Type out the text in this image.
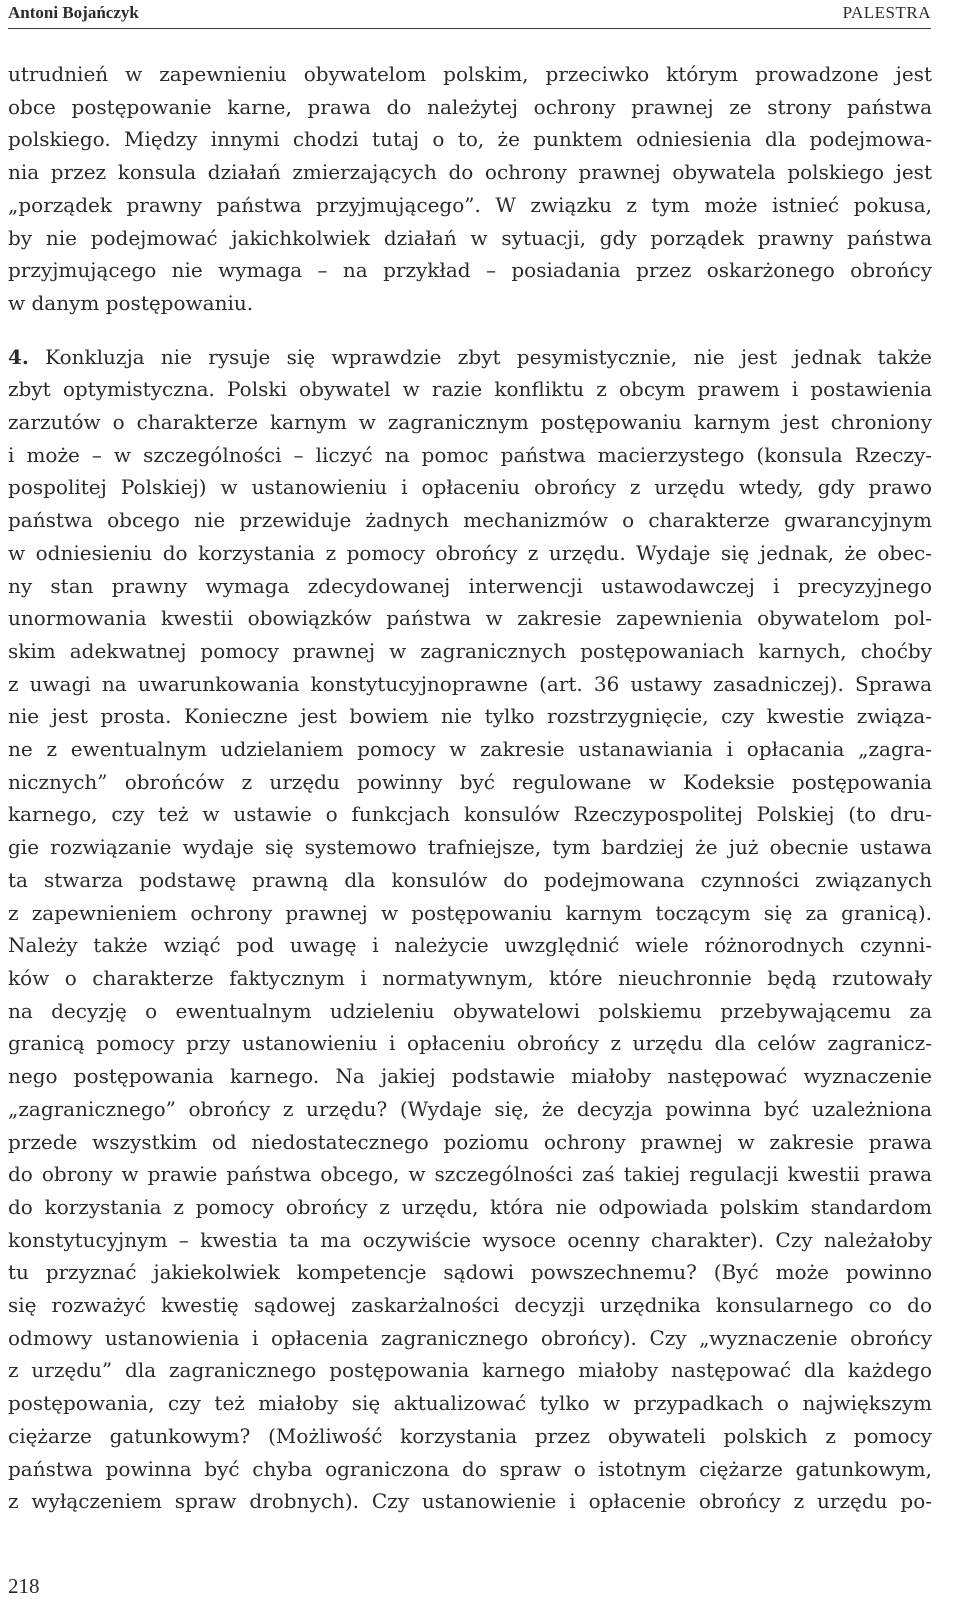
Antoni Bojańczyk	PALESTRA
utrudnień w zapewnieniu obywatelom polskim, przeciwko którym prowadzone jest
obce postępowanie karne, prawa do należytej ochrony prawnej ze strony państwa
polskiego. Między innymi chodzi tutaj o to, że punktem odniesienia dla podejmowa-
nia przez konsula działań zmierzających do ochrony prawnej obywatela polskiego jest
„porządek prawny państwa przyjmującego”. W związku z tym może istnieć pokusa,
by nie podejmować jakichkolwiek działań w sytuacji, gdy porządek prawny państwa
przyjmującego nie wymaga – na przykład – posiadania przez oskarżonego obrońcy
w danym postępowaniu.
4. Konkluzja nie rysuje się wprawdzie zbyt pesymistycznie, nie jest jednak także
zbyt optymistyczna. Polski obywatel w razie konfliktu z obcym prawem i postawienia
zarzutów o charakterze karnym w zagranicznym postępowaniu karnym jest chroniony
i może – w szczególności – liczyć na pomoc państwa macierzystego (konsula Rzeczy-
pospolitej Polskiej) w ustanowieniu i opłaceniu obrońcy z urzędu wtedy, gdy prawo
państwa obcego nie przewiduje żadnych mechanizmów o charakterze gwarancyjnym
w odniesieniu do korzystania z pomocy obrońcy z urzędu. Wydaje się jednak, że obec-
ny stan prawny wymaga zdecydowanej interwencji ustawodawczej i precyzyjnego
unormowania kwestii obowiązków państwa w zakresie zapewnienia obywatelom pol-
skim adekwatnej pomocy prawnej w zagranicznych postępowaniach karnych, choćby
z uwagi na uwarunkowania konstytucyjnoprawne (art. 36 ustawy zasadniczej). Sprawa
nie jest prosta. Konieczne jest bowiem nie tylko rozstrzygnięcie, czy kwestie związa-
ne z ewentualnym udzielaniem pomocy w zakresie ustanawiania i opłacania „zagra-
nicznych” obrońców z urzędu powinny być regulowane w Kodeksie postępowania
karnego, czy też w ustawie o funkcjach konsulów Rzeczypospolitej Polskiej (to dru-
gie rozwiązanie wydaje się systemowo trafniejsze, tym bardziej że już obecnie ustawa
ta stwarza podstawę prawną dla konsulów do podejmowana czynności związanych
z zapewnieniem ochrony prawnej w postępowaniu karnym toczącym się za granicą).
Należy także wziąć pod uwagę i należycie uwzględnić wiele różnorodnych czynni-
ków o charakterze faktycznym i normatywnym, które nieuchronnie będą rzutowały
na decyzję o ewentualnym udzieleniu obywatelowi polskiemu przebywającemu za
granicą pomocy przy ustanowieniu i opłaceniu obrońcy z urzędu dla celów zagranicz-
nego postępowania karnego. Na jakiej podstawie miałoby następować wyznaczenie
„zagranicznego” obrońcy z urzędu? (Wydaje się, że decyzja powinna być uzależniona
przede wszystkim od niedostatecznego poziomu ochrony prawnej w zakresie prawa
do obrony w prawie państwa obcego, w szczególności zaś takiej regulacji kwestii prawa
do korzystania z pomocy obrońcy z urzędu, która nie odpowiada polskim standardom
konstytucyjnym – kwestia ta ma oczywiście wysoce ocenny charakter). Czy należałoby
tu przyznać jakiekolwiek kompetencje sądowi powszechnemu? (Być może powinno
się rozważyć kwestię sądowej zaskarżalności decyzji urzędnika konsularnego co do
odmowy ustanowienia i opłacenia zagranicznego obrońcy). Czy „wyznaczenie obrońcy
z urzędu” dla zagranicznego postępowania karnego miałoby następować dla każdego
postępowania, czy też miałoby się aktualizować tylko w przypadkach o największym
ciężarze gatunkowym? (Możliwość korzystania przez obywateli polskich z pomocy
państwa powinna być chyba ograniczona do spraw o istotnym ciężarze gatunkowym,
z wyłączeniem spraw drobnych). Czy ustanowienie i opłacenie obrońcy z urzędu po-
218
